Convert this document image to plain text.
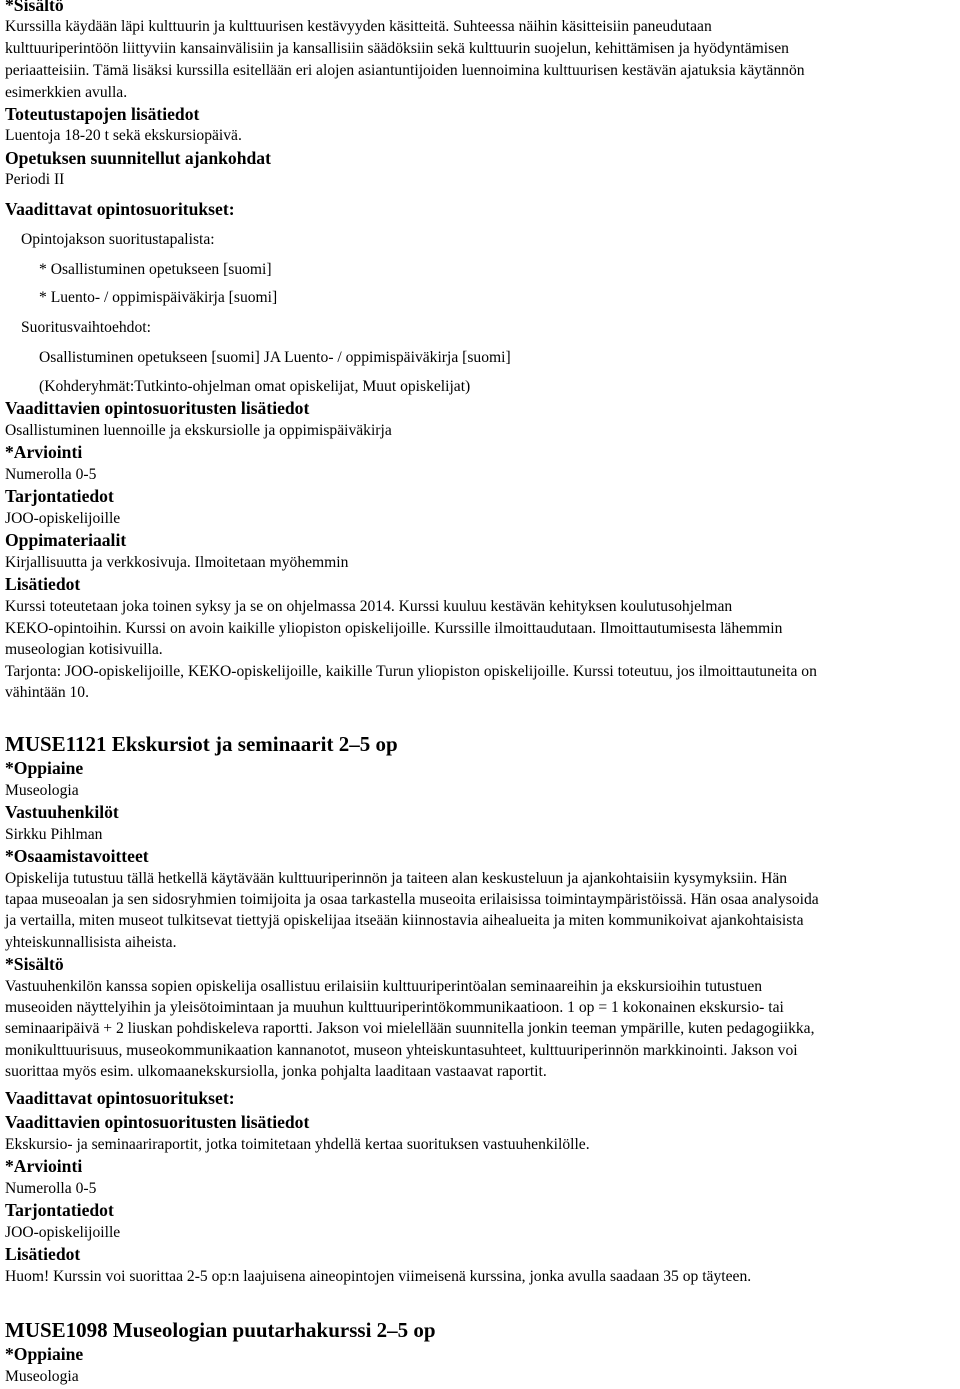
*Sisältö
Kurssilla käydään läpi kulttuurin ja kulttuurisen kestävyyden käsitteitä. Suhteessa näihin käsitteisiin paneudutaan
kulttuuriperintöön liittyviin kansainvälisiin ja kansallisiin säädöksiin sekä kulttuurin suojelun, kehittämisen ja hyödyntämisen
periaatteisiin. Tämä lisäksi kurssilla esitellään eri alojen asiantuntijoiden luennoimina kulttuurisen kestävän ajatuksia käytännön
esimerkkien avulla.
Toteutustapojen lisätiedot
Luentoja 18-20 t sekä ekskursiopäivä.
Opetuksen suunnitellut ajankohdat
Periodi II
Vaadittavat opintosuoritukset:
Opintojakson suoritustapalista:
* Osallistuminen opetukseen [suomi]
* Luento- / oppimispäiväkirja [suomi]
Suoritusvaihtoehdot:
Osallistuminen opetukseen [suomi] JA Luento- / oppimispäiväkirja [suomi]
(Kohderyhmät:Tutkinto-ohjelman omat opiskelijat, Muut opiskelijat)
Vaadittavien opintosuoritusten lisätiedot
Osallistuminen luennoille ja ekskursiolle ja oppimispäiväkirja
*Arviointi
Numerolla 0-5
Tarjontatiedot
JOO-opiskelijoille
Oppimateriaalit
Kirjallisuutta ja verkkosivuja. Ilmoitetaan myöhemmin
Lisätiedot
Kurssi toteutetaan joka toinen syksy ja se on ohjelmassa 2014. Kurssi kuuluu kestävän kehityksen koulutusohjelman
KEKO-opintoihin. Kurssi on avoin kaikille yliopiston opiskelijoille. Kurssille ilmoittaudutaan. Ilmoittautumisesta lähemmin
museologian kotisivuilla.
Tarjonta: JOO-opiskelijoille, KEKO-opiskelijoille, kaikille Turun yliopiston opiskelijoille. Kurssi toteutuu, jos ilmoittautuneita on
vähintään 10.
MUSE1121 Ekskursiot ja seminaarit 2–5 op
*Oppiaine
Museologia
Vastuuhenkilöt
Sirkku Pihlman
*Osaamistavoitteet
Opiskelija tutustuu tällä hetkellä käytävään kulttuuriperinnön ja taiteen alan keskusteluun ja ajankohtaisiin kysymyksiin. Hän
tapaa museoalan ja sen sidosryhmien toimijoita ja osaa tarkastella museoita erilaisissa toimintaympäristöissä. Hän osaa analysoida
ja vertailla, miten museot tulkitsevat tiettyjä opiskelijaa itseään kiinnostavia aihealueita ja miten kommunikoivat ajankohtaisista
yhteiskunnallisista aiheista.
*Sisältö
Vastuuhenkilön kanssa sopien opiskelija osallistuu erilaisiin kulttuuriperintöalan seminaareihin ja ekskursioihin tutustuen
museoiden näyttelyihin ja yleisötoimintaan ja muuhun kulttuuriperintökommunikaatioon. 1 op = 1 kokonainen ekskursio- tai
seminaaripäivä + 2 liuskan pohdiskeleva raportti. Jakson voi mielellään suunnitella jonkin teeman ympärille, kuten pedagogiikka,
monikulttuurisuus, museokommunikaation kannanotot, museon yhteiskuntasuhteet, kulttuuriperinnön markkinointi. Jakson voi
suorittaa myös esim. ulkomaanekskursiolla, jonka pohjalta laaditaan vastaavat raportit.
Vaadittavat opintosuoritukset:
Vaadittavien opintosuoritusten lisätiedot
Ekskursio- ja seminaariraportit, jotka toimitetaan yhdellä kertaa suorituksen vastuuhenkilölle.
*Arviointi
Numerolla 0-5
Tarjontatiedot
JOO-opiskelijoille
Lisätiedot
Huom! Kurssin voi suorittaa 2-5 op:n laajuisena aineopintojen viimeisenä kurssina, jonka avulla saadaan 35 op täyteen.
MUSE1098 Museologian puutarhakurssi 2–5 op
*Oppiaine
Museologia
